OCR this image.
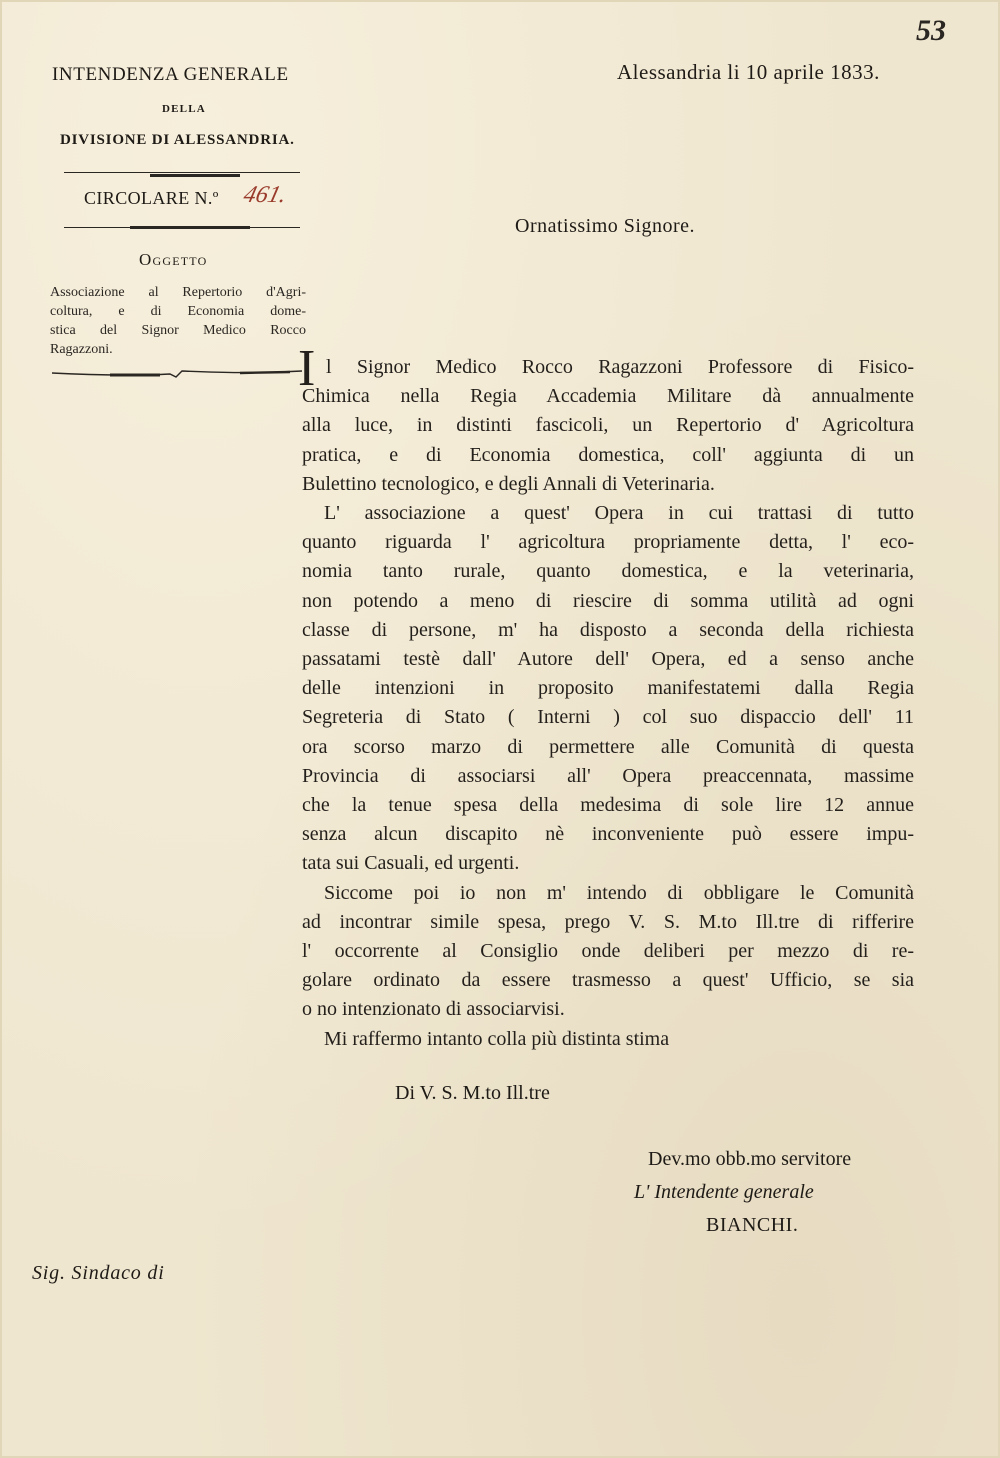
53
INTENDENZA GENERALE
DELLA
DIVISIONE DI ALESSANDRIA.
CIRCOLARE N.º 461.
Oggetto
Associazione al Repertorio d'Agri-
coltura, e di Economia dome-
stica del Signor Medico Rocco
Ragazzoni.
Alessandria li 10 aprile 1833.
Ornatissimo Signore.
I l Signor Medico Rocco Ragazzoni Professore di Fisico-
Chimica nella Regia Accademia Militare dà annualmente
alla luce, in distinti fascicoli, un Repertorio d' Agricoltura
pratica, e di Economia domestica, coll' aggiunta di un
Bulettino tecnologico, e degli Annali di Veterinaria.
L' associazione a quest' Opera in cui trattasi di tutto
quanto riguarda l' agricoltura propriamente detta, l' eco-
nomia tanto rurale, quanto domestica, e la veterinaria,
non potendo a meno di riescire di somma utilità ad ogni
classe di persone, m' ha disposto a seconda della richiesta
passatami testè dall' Autore dell' Opera, ed a senso anche
delle intenzioni in proposito manifestatemi dalla Regia
Segreteria di Stato ( Interni ) col suo dispaccio dell' 11
ora scorso marzo di permettere alle Comunità di questa
Provincia di associarsi all' Opera preaccennata, massime
che la tenue spesa della medesima di sole lire 12 annue
senza alcun discapito nè inconveniente può essere impu-
tata sui Casuali, ed urgenti.
Siccome poi io non m' intendo di obbligare le Comunità
ad incontrar simile spesa, prego V. S. M.to Ill.tre di rifferire
l' occorrente al Consiglio onde deliberi per mezzo di re-
golare ordinato da essere trasmesso a quest' Ufficio, se sia
o no intenzionato di associarvisi.
Mi raffermo intanto colla più distinta stima
Di V. S. M.to Ill.tre
Dev.mo obb.mo servitore
L' Intendente generale
BIANCHI.
Sig. Sindaco di
